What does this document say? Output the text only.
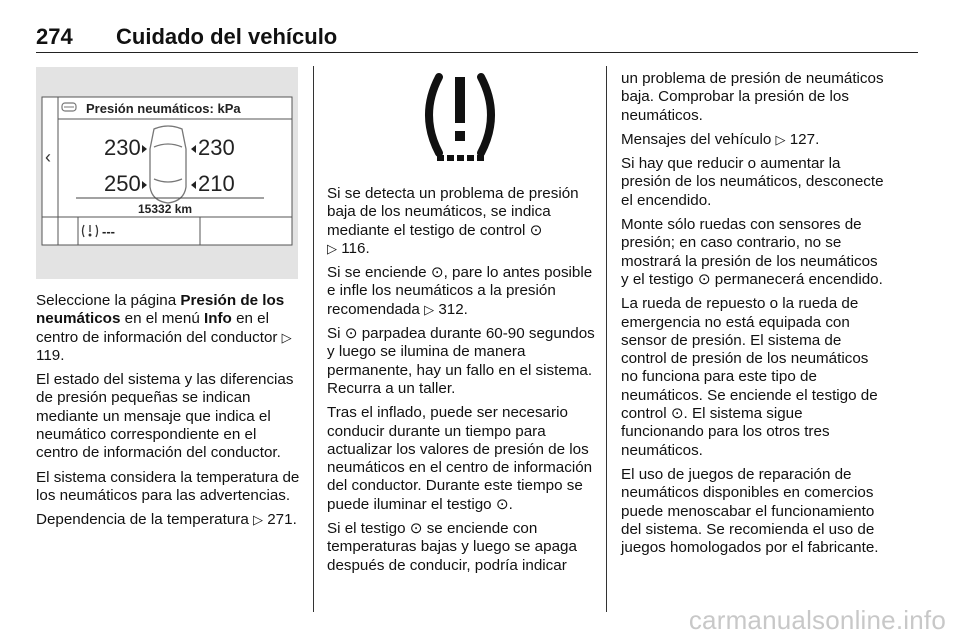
274 Cuidado del vehículo
Presión neumáticos: kPa
‹ 230	230
250	210
15332 km
---

Seleccione la página Presión de los neumáticos en el menú Info en el centro de información del conductor ▷ 119.

El estado del sistema y las diferencias de presión pequeñas se indican mediante un mensaje que indica el neumático correspondiente en el centro de información del conductor.

El sistema considera la temperatura de los neumáticos para las advertencias.

Dependencia de la temperatura ▷ 271.

Si se detecta un problema de presión baja de los neumáticos, se indica mediante el testigo de control ⊙
▷ 116.

Si se enciende ⊙, pare lo antes posible e infle los neumáticos a la presión recomendada ▷ 312.

Si ⊙ parpadea durante 60-90 segundos y luego se ilumina de manera permanente, hay un fallo en el sistema. Recurra a un taller.

Tras el inflado, puede ser necesario conducir durante un tiempo para actualizar los valores de presión de los neumáticos en el centro de información del conductor. Durante este tiempo se puede iluminar el testigo ⊙.

Si el testigo ⊙ se enciende con temperaturas bajas y luego se apaga después de conducir, podría indicar

un problema de presión de neumáticos baja. Comprobar la presión de los neumáticos.

Mensajes del vehículo ▷ 127.

Si hay que reducir o aumentar la presión de los neumáticos, desconecte el encendido.

Monte sólo ruedas con sensores de presión; en caso contrario, no se mostrará la presión de los neumáticos y el testigo ⊙ permanecerá encendido.

La rueda de repuesto o la rueda de emergencia no está equipada con sensor de presión. El sistema de control de presión de los neumáticos no funciona para este tipo de neumáticos. Se enciende el testigo de control ⊙. El sistema sigue funcionando para los otros tres neumáticos.

El uso de juegos de reparación de neumáticos disponibles en comercios puede menoscabar el funcionamiento del sistema. Se recomienda el uso de juegos homologados por el fabricante.

carmanualsonline.info
